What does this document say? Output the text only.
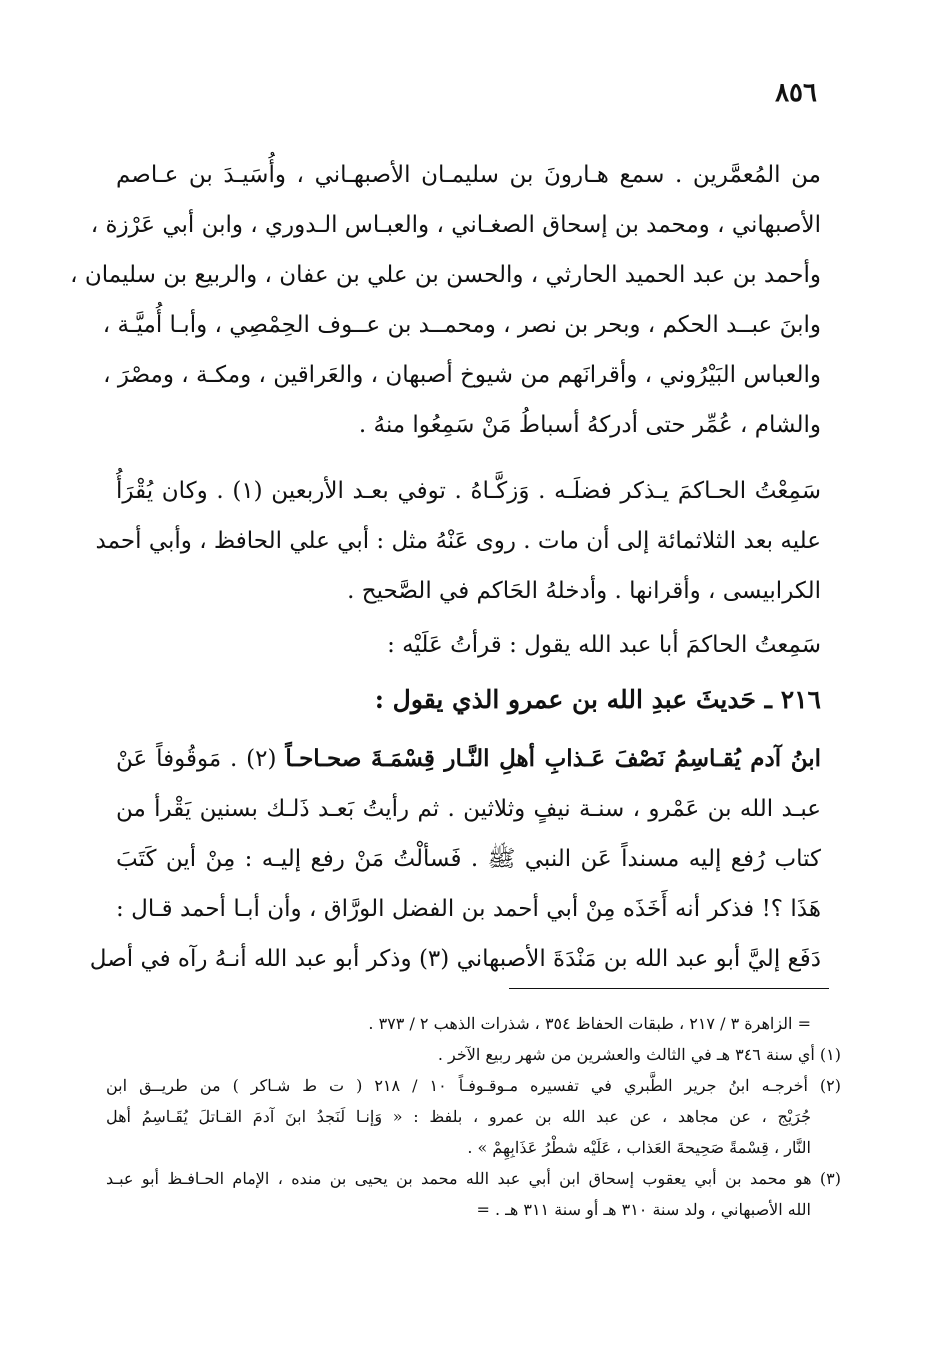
٨٥٦
من المُعمَّرين . سمع هـارونَ بن سليمـان الأصبهـاني ، وأُسَيـدَ بن عـاصم
الأصبهاني ، ومحمد بن إسحاق الصغـاني ، والعبـاس الـدوري ، وابن أبي عَرْزة ،
وأحمد بن عبد الحميد الحارثي ، والحسن بن علي بن عفان ، والربيع بن سليمان ،
وابنَ عبــد الحكم ، وبحر بن نصر ، ومحمــد بن عــوف الحِمْصِي ، وأبـا أُميَّـة ،
والعباس البَيْرُوني ، وأقرانَهم من شيوخ أصبهان ، والعَراقين ، ومكـة ، ومصْرَ ،
والشام ، عُمِّر حتى أدركهُ أسباطُ مَنْ سَمِعُوا منهُ .
سَمِعْتُ الحـاكمَ يـذكر فضلَـه . وَزكَّـاهُ . توفي بعـد الأربعين (١) . وكان يُقْرَأُ
عليه بعد الثلاثمائة إلى أن مات . روى عَنْهُ مثل : أبي علي الحافظ ، وأبي أحمد
الكرابيسى ، وأقرانها . وأدخلهُ الحَاكم في الصَّحيح .
سَمِعتُ الحاكمَ أبا عبد الله يقول : قرأتُ عَلَيْه :
٢١٦ ـ حَديثَ عبدِ الله بن عمرو الذي يقول :
ابنُ آدم يُقـاسِمُ نَصْفَ عَـذابِ أهلِ النَّـار قِسْمَـةَ صحـاحـاً (٢) . مَوقُوفاً عَنْ
عبـد الله بن عَمْرو ، سنـة نيفٍ وثلاثين . ثم رأيتُ بَعـد ذَلـك بسنين يَقْرأ من
كتاب رُفع إليه مسنداً عَن النبي ﷺ . فَسألْتُ مَنْ رفع إليـه : مِنْ أين كَتَبَ
هَذَا ؟! فذكر أنه أَخَذَه مِنْ أبي أحمد بن الفضل الورَّاق ، وأن أبـا أحمد قـال :
دَفَع إليَّ أبو عبد الله بن مَنْدَةَ الأصبهاني (٣) وذكر أبو عبد الله أنـهُ رآه في أصل
= الزاهرة ٣ / ٢١٧ ، طبقات الحفاظ ٣٥٤ ، شذرات الذهب ٢ / ٣٧٣ .
(١) أي سنة ٣٤٦ هـ في الثالث والعشرين من شهر ربيع الآخر .
(٢) أخرجـه ابنُ جرير الطَّبري في تفسيره مـوقـوفـاً ١٠ / ٢١٨ ( ت ط شـاكر ) من طريــق ابن
جُرَيْج ، عن مجاهد ، عن عبد الله بن عمرو ، بلفظ : « وَإنـا لَنَجدُ ابنَ آدمَ القـاتلَ يُقَـاسِمُ أهل
النَّار ، قِسْمةً صَحِيحةَ العَذاب ، عَلَيْه شطْرُ عَذَابِهِمْ » .
(٣) هو محمد بن أبي يعقوب إسحاق ابن أبي عبد الله محمد بن يحيى بن منده ، الإمام الحـافـظ أبو عبـد
الله الأصبهاني ، ولد سنة ٣١٠ هـ أو سنة ٣١١ هـ . =
